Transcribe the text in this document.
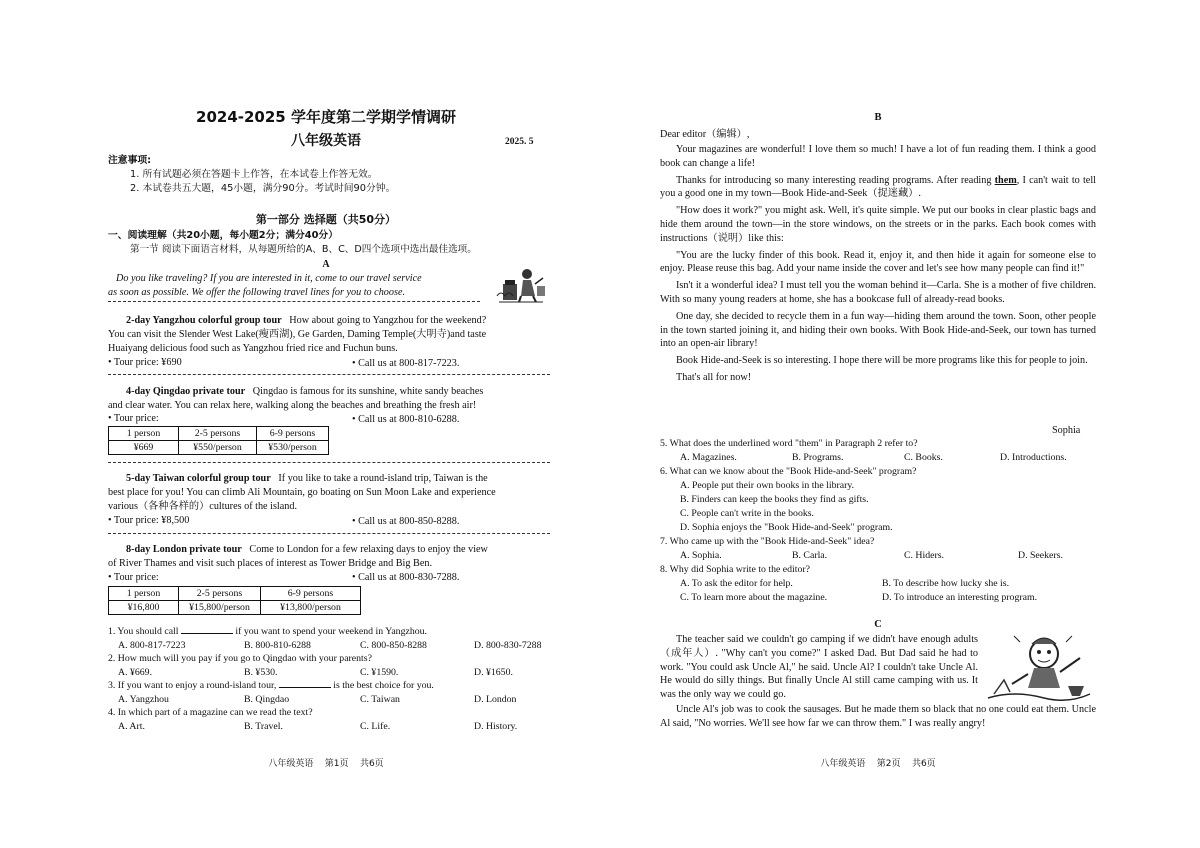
2024-2025 学年度第二学期学情调研
八年级英语	2025. 5
注意事项:
1. 所有试题必须在答题卡上作答，在本试卷上作答无效。
2. 本试卷共五大题，45小题，满分90分。考试时间90分钟。
第一部分 选择题（共50分）
一、阅读理解（共20小题，每小题2分；满分40分）
第一节 阅读下面语言材料，从每题所给的A、B、C、D四个选项中选出最佳选项。
A
Do you like traveling? If you are interested in it, come to our travel service
as soon as possible. We offer the following travel lines for you to choose.
2-day Yangzhou colorful group tour How about going to Yangzhou for the weekend?
You can visit the Slender West Lake(瘦西湖), Ge Garden, Daming Temple(大明寺)and taste
Huaiyang delicious food such as Yangzhou fried rice and Fuchun buns.
• Tour price: ¥690	• Call us at 800-817-7223.
4-day Qingdao private tour Qingdao is famous for its sunshine, white sandy beaches
and clear water. You can relax here, walking along the beaches and breathing the fresh air!
• Tour price:	• Call us at 800-810-6288.
1 person	2-5 persons	6-9 persons
¥669	¥550/person	¥530/person
5-day Taiwan colorful group tour If you like to take a round-island trip, Taiwan is the
best place for you! You can climb Ali Mountain, go boating on Sun Moon Lake and experience
various（各种各样的）cultures of the island.
• Tour price: ¥8,500	• Call us at 800-850-8288.
8-day London private tour Come to London for a few relaxing days to enjoy the view
of River Thames and visit such places of interest as Tower Bridge and Big Ben.
• Tour price:	• Call us at 800-830-7288.
1 person	2-5 persons	6-9 persons
¥16,800	¥15,800/person	¥13,800/person
1. You should call	if you want to spend your weekend in Yangzhou.
A. 800-817-7223	B. 800-810-6288	C. 800-850-8288	D. 800-830-7288
2. How much will you pay if you go to Qingdao with your parents?
A. ¥669.	B. ¥530.	C. ¥1590.	D. ¥1650.
3. If you want to enjoy a round-island tour,	is the best choice for you.
A. Yangzhou	B. Qingdao	C. Taiwan	D. London
4. In which part of a magazine can we read the text?
A. Art.	B. Travel.	C. Life.	D. History.
八年级英语    第1页    共6页
B
Dear editor（编辑）,
Your magazines are wonderful! I love them so much! I have a lot of fun reading them. I think a good book can change a life!
Thanks for introducing so many interesting reading programs. After reading them, I can't wait to tell you a good one in my town—Book Hide-and-Seek（捉迷藏）.
"How does it work?" you might ask. Well, it's quite simple. We put our books in clear plastic bags and hide them around the town—in the store windows, on the streets or in the parks. Each book comes with instructions（说明）like this:
"You are the lucky finder of this book. Read it, enjoy it, and then hide it again for someone else to enjoy. Please reuse this bag. Add your name inside the cover and let's see how many people can find it!"
Isn't it a wonderful idea? I must tell you the woman behind it—Carla. She is a mother of five children. With so many young readers at home, she has a bookcase full of already-read books.
One day, she decided to recycle them in a fun way—hiding them around the town. Soon, other people in the town started joining it, and hiding their own books. With Book Hide-and-Seek, our town has turned into an open-air library!
Book Hide-and-Seek is so interesting. I hope there will be more programs like this for people to join.
That's all for now!
Sophia
5. What does the underlined word "them" in Paragraph 2 refer to?
A. Magazines.	B. Programs.	C. Books.	D. Introductions.
6. What can we know about the "Book Hide-and-Seek" program?
A. People put their own books in the library.
B. Finders can keep the books they find as gifts.
C. People can't write in the books.
D. Sophia enjoys the "Book Hide-and-Seek" program.
7. Who came up with the "Book Hide-and-Seek" idea?
A. Sophia.	B. Carla.	C. Hiders.	D. Seekers.
8. Why did Sophia write to the editor?
A. To ask the editor for help.	B. To describe how lucky she is.
C. To learn more about the magazine.	D. To introduce an interesting program.
C
The teacher said we couldn't go camping if we didn't have enough adults（成年人）. "Why can't you come?" I asked Dad. But Dad said he had to work. "You could ask Uncle Al," he said. Uncle Al? I couldn't take Uncle Al. He would do silly things. But finally Uncle Al still came camping with us. It was the only way we could go.
Uncle Al's job was to cook the sausages. But he made them so black that no one could eat them. Uncle Al said, "No worries. We'll see how far we can throw them." I was really angry!
八年级英语    第2页    共6页
